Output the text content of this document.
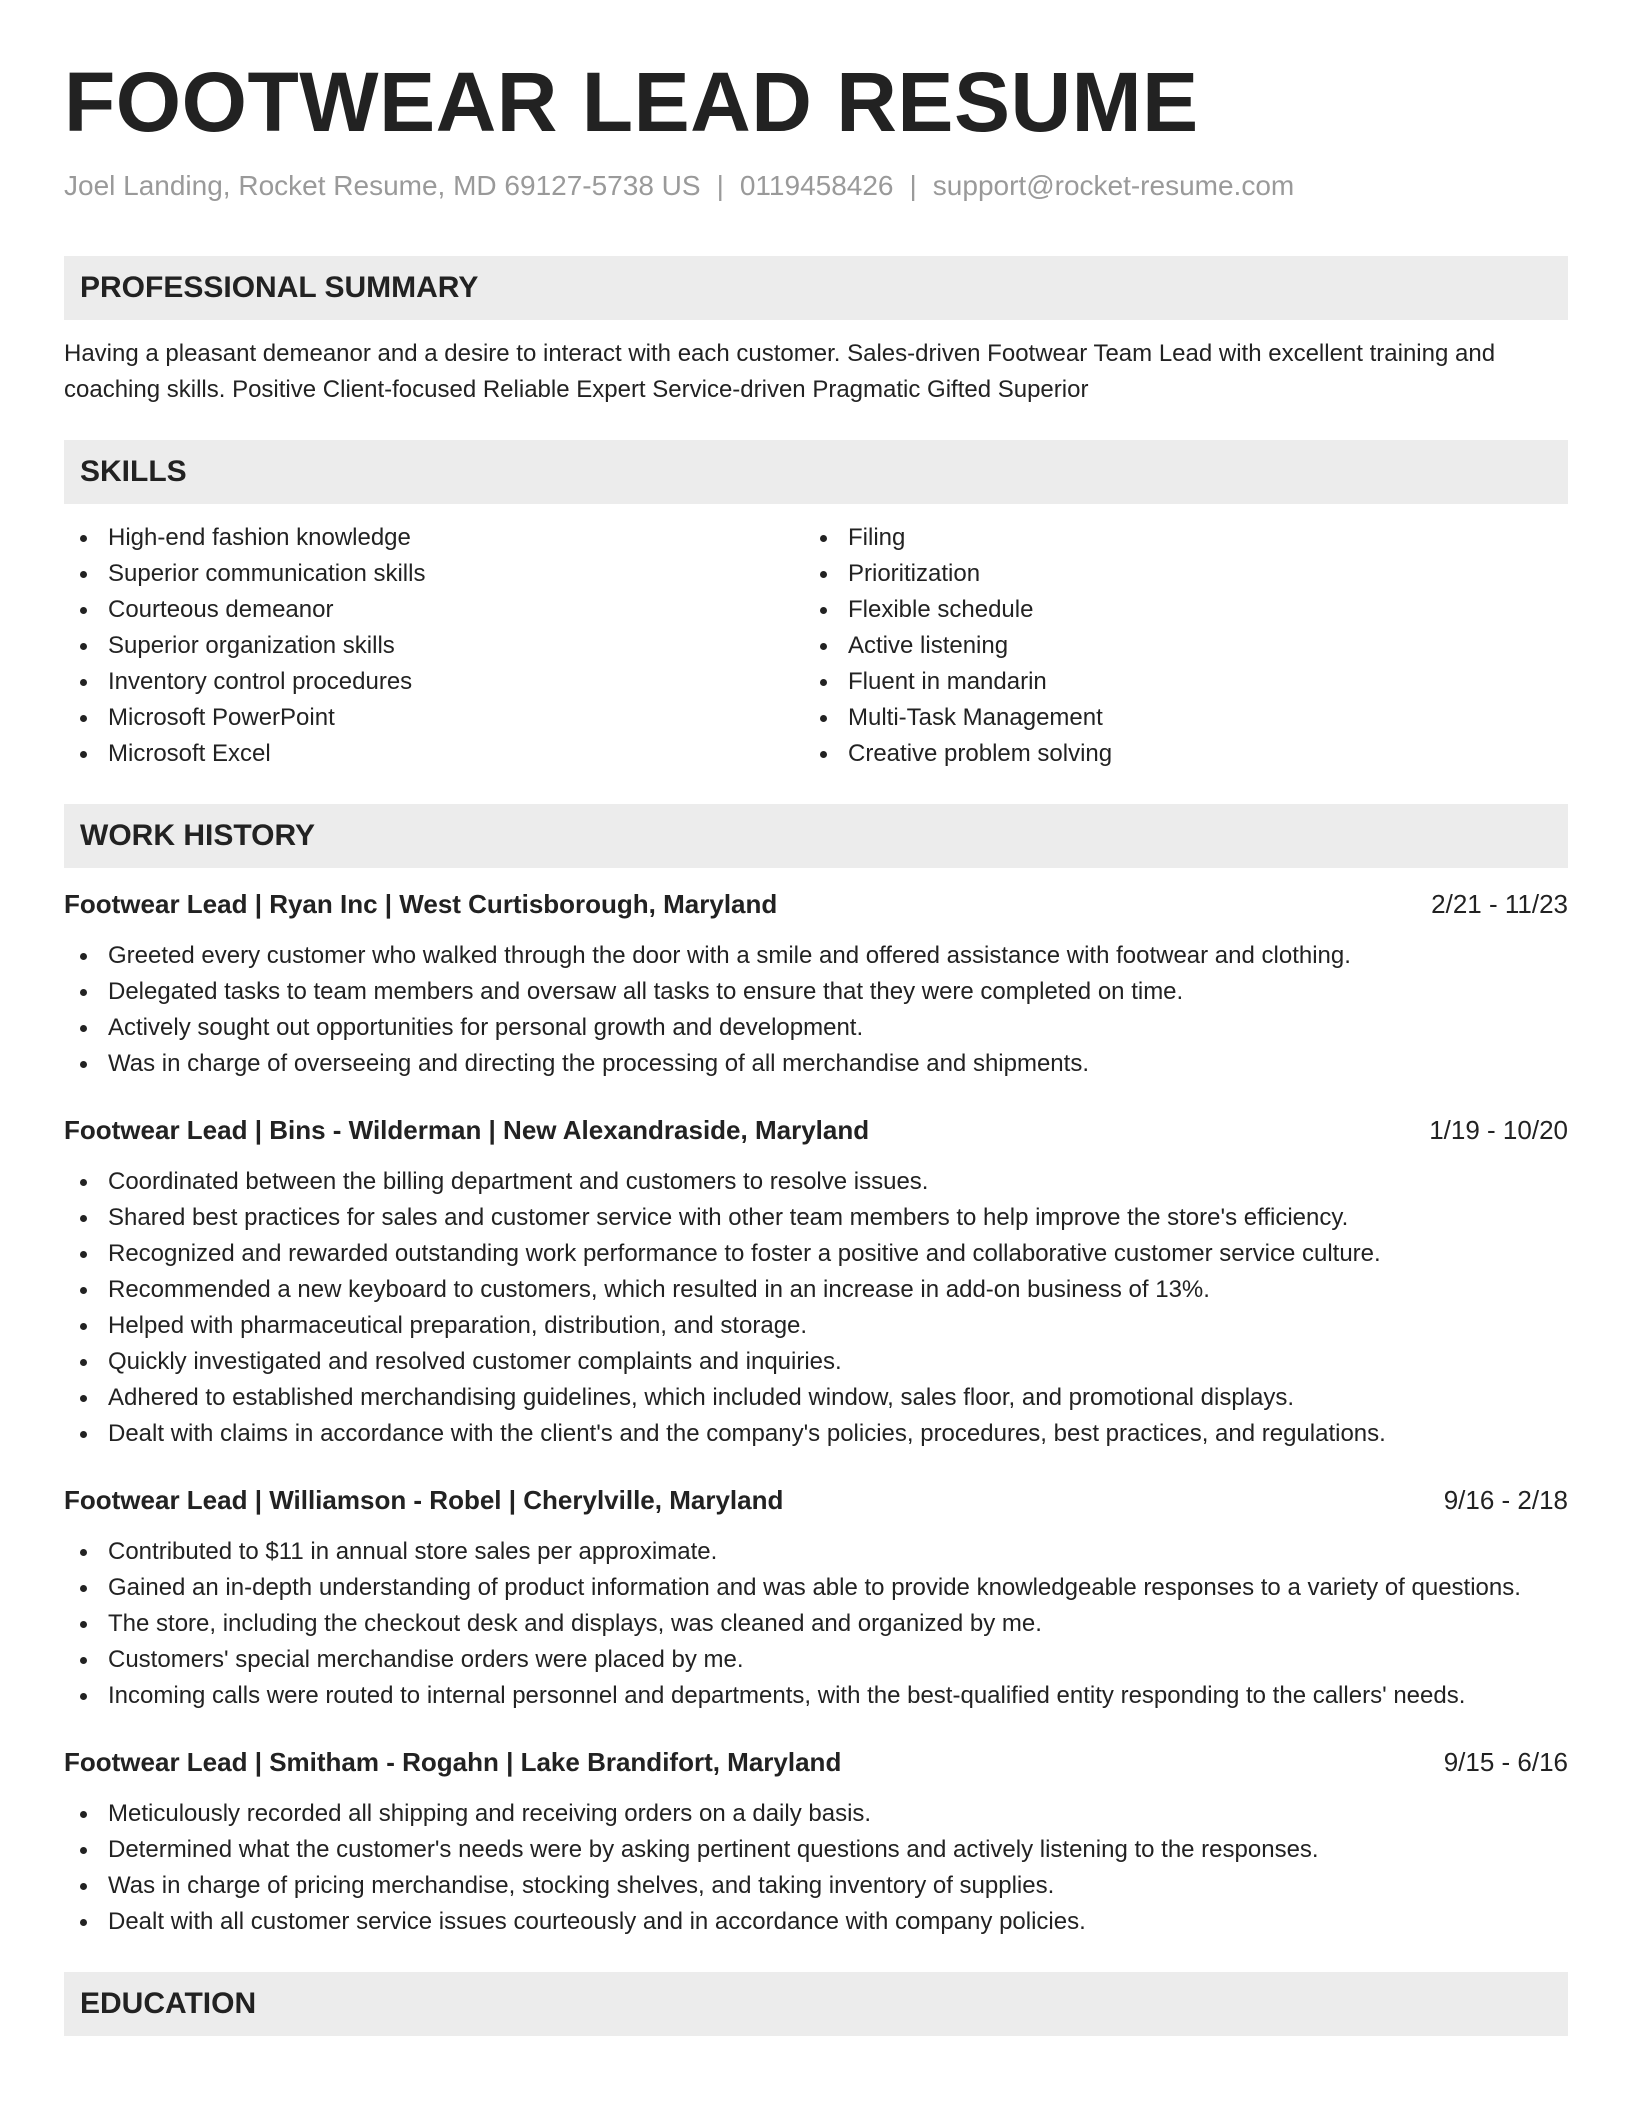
FOOTWEAR LEAD RESUME
Joel Landing, Rocket Resume, MD 69127-5738 US | 0119458426 | support@rocket-resume.com
PROFESSIONAL SUMMARY
Having a pleasant demeanor and a desire to interact with each customer. Sales-driven Footwear Team Lead with excellent training and coaching skills. Positive Client-focused Reliable Expert Service-driven Pragmatic Gifted Superior
SKILLS
High-end fashion knowledge
Superior communication skills
Courteous demeanor
Superior organization skills
Inventory control procedures
Microsoft PowerPoint
Microsoft Excel
Filing
Prioritization
Flexible schedule
Active listening
Fluent in mandarin
Multi-Task Management
Creative problem solving
WORK HISTORY
Footwear Lead | Ryan Inc | West Curtisborough, Maryland	2/21 - 11/23
Greeted every customer who walked through the door with a smile and offered assistance with footwear and clothing.
Delegated tasks to team members and oversaw all tasks to ensure that they were completed on time.
Actively sought out opportunities for personal growth and development.
Was in charge of overseeing and directing the processing of all merchandise and shipments.
Footwear Lead | Bins - Wilderman | New Alexandraside, Maryland	1/19 - 10/20
Coordinated between the billing department and customers to resolve issues.
Shared best practices for sales and customer service with other team members to help improve the store's efficiency.
Recognized and rewarded outstanding work performance to foster a positive and collaborative customer service culture.
Recommended a new keyboard to customers, which resulted in an increase in add-on business of 13%.
Helped with pharmaceutical preparation, distribution, and storage.
Quickly investigated and resolved customer complaints and inquiries.
Adhered to established merchandising guidelines, which included window, sales floor, and promotional displays.
Dealt with claims in accordance with the client's and the company's policies, procedures, best practices, and regulations.
Footwear Lead | Williamson - Robel | Cherylville, Maryland	9/16 - 2/18
Contributed to $11 in annual store sales per approximate.
Gained an in-depth understanding of product information and was able to provide knowledgeable responses to a variety of questions.
The store, including the checkout desk and displays, was cleaned and organized by me.
Customers' special merchandise orders were placed by me.
Incoming calls were routed to internal personnel and departments, with the best-qualified entity responding to the callers' needs.
Footwear Lead | Smitham - Rogahn | Lake Brandifort, Maryland	9/15 - 6/16
Meticulously recorded all shipping and receiving orders on a daily basis.
Determined what the customer's needs were by asking pertinent questions and actively listening to the responses.
Was in charge of pricing merchandise, stocking shelves, and taking inventory of supplies.
Dealt with all customer service issues courteously and in accordance with company policies.
EDUCATION
